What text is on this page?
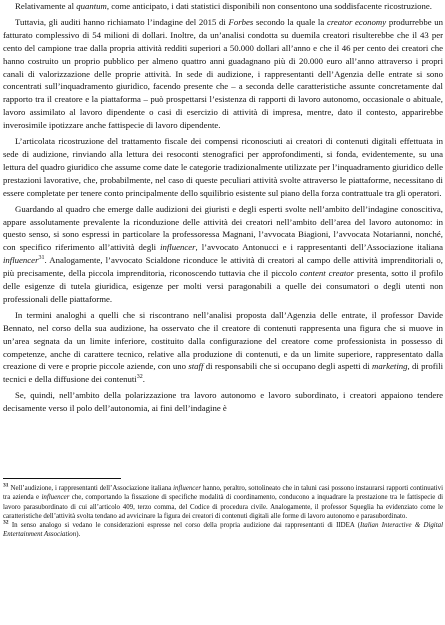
Relativamente al quantum, come anticipato, i dati statistici disponibili non consentono una soddisfacente ricostruzione.

Tuttavia, gli auditi hanno richiamato l’indagine del 2015 di Forbes secondo la quale la creator economy produrrebbe un fatturato complessivo di 54 milioni di dollari. Inoltre, da un’analisi condotta su duemila creatori risulterebbe che il 43 per cento del campione trae dalla propria attività redditi superiori a 50.000 dollari all’anno e che il 46 per cento dei creatori che hanno costruito un proprio pubblico per almeno quattro anni guadagnano più di 20.000 euro all’anno attraverso i propri canali di valorizzazione delle proprie attività. In sede di audizione, i rappresentanti dell’Agenzia delle entrate si sono concentrati sull’inquadramento giuridico, facendo presente che – a seconda delle caratteristiche assunte concretamente dal rapporto tra il creatore e la piattaforma – può prospettarsi l’esistenza di rapporti di lavoro autonomo, occasionale o abituale, lavoro assimilato al lavoro dipendente o casi di esercizio di attività di impresa, mentre, dato il contesto, apparirebbe inverosimile ipotizzare anche fattispecie di lavoro dipendente.

L’articolata ricostruzione del trattamento fiscale dei compensi riconosciuti ai creatori di contenuti digitali effettuata in sede di audizione, rinviando alla lettura dei resoconti stenografici per approfondimenti, si fonda, evidentemente, su una lettura del quadro giuridico che assume come date le categorie tradizionalmente utilizzate per l’inquadramento giuridico delle prestazioni lavorative, che, probabilmente, nel caso di queste peculiari attività svolte attraverso le piattaforme, necessitano di essere completate per tenere conto principalmente dello squilibrio esistente sul piano della forza contrattuale tra gli operatori.

Guardando al quadro che emerge dalle audizioni dei giuristi e degli esperti svolte nell’ambito dell’indagine conoscitiva, appare assolutamente prevalente la riconduzione delle attività dei creatori nell’ambito dell’area del lavoro autonomo: in questo senso, si sono espressi in particolare la professoressa Magnani, l’avvocata Biagioni, l’avvocata Notarianni, nonché, con specifico riferimento all’attività degli influencer, l’avvocato Antonucci e i rappresentanti dell’Associazione italiana influencer$^{31}$. Analogamente, l’avvocato Scialdone riconduce le attività di creatori al campo delle attività imprenditoriali o, più precisamente, della piccola imprenditoria, riconoscendo tuttavia che il piccolo content creator presenta, sotto il profilo delle esigenze di tutela giuridica, esigenze per molti versi paragonabili a quelle dei consumatori o degli utenti non professionali delle piattaforme.

In termini analoghi a quelli che si riscontrano nell’analisi proposta dall’Agenzia delle entrate, il professor Davide Bennato, nel corso della sua audizione, ha osservato che il creatore di contenuti rappresenta una figura che si muove in un’area segnata da un limite inferiore, costituito dalla configurazione del creatore come professionista in possesso di competenze, anche di carattere tecnico, relative alla produzione di contenuti, e da un limite superiore, rappresentato dalla creazione di vere e proprie piccole aziende, con uno staff di responsabili che si occupano degli aspetti di marketing, di profili tecnici e della diffusione dei contenuti$^{32}$.

Se, quindi, nell’ambito della polarizzazione tra lavoro autonomo e lavoro subordinato, i creatori appaiono tendere decisamente verso il polo dell’autonomia, ai fini dell’indagine è

$^{31}$ Nell’audizione, i rappresentanti dell’Associazione italiana influencer hanno, peraltro, sottolineato che in taluni casi possono instaurarsi rapporti continuativi tra azienda e influencer che, comportando la fissazione di specifiche modalità di coordinamento, conducono a inquadrare la prestazione tra le fattispecie di lavoro parasubordinato di cui all’articolo 409, terzo comma, del Codice di procedura civile. Analogamente, il professor Squeglia ha evidenziato come le caratteristiche dell’attività svolta tendano ad avvicinare la figura dei creatori di contenuti digitali alle forme di lavoro autonomo e parasubordinato.

$^{32}$ In senso analogo si vedano le considerazioni espresse nel corso della propria audizione dai rappresentanti di IIDEA (Italian Interactive & Digital Entertainment Association).
